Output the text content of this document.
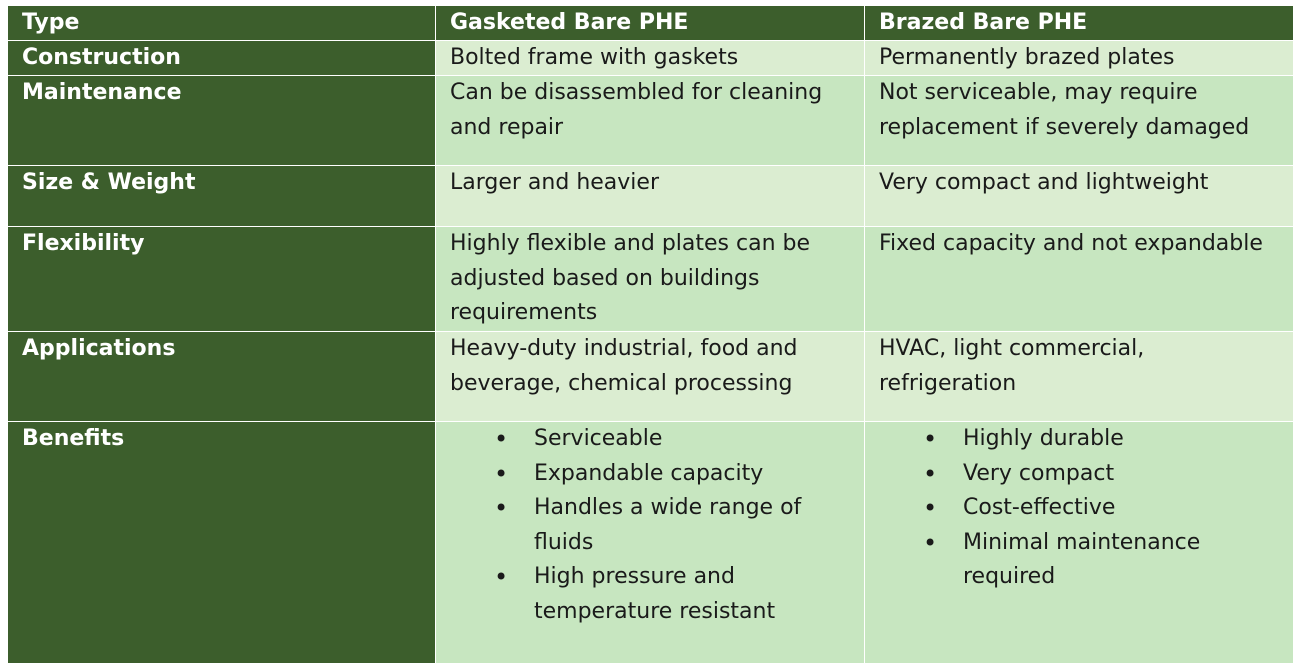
Type	Gasketed Bare PHE	Brazed Bare PHE
Construction	Bolted frame with gaskets	Permanently brazed plates
Maintenance	Can be disassembled for cleaning and repair
Not serviceable, may require replacement if severely damaged
Size & Weight	Larger and heavier	Very compact and lightweight
Flexibility	Highly flexible and plates can be adjusted based on buildings requirements
Fixed capacity and not expandable
Applications	Heavy-duty industrial, food and beverage, chemical processing
HVAC, light commercial, refrigeration
Benefits
•	Serviceable
• Expandable capacity
• Handles a wide range of fluids
• High pressure and temperature resistant
• Highly durable
• Very compact
• Cost-effective
• Minimal maintenance required
